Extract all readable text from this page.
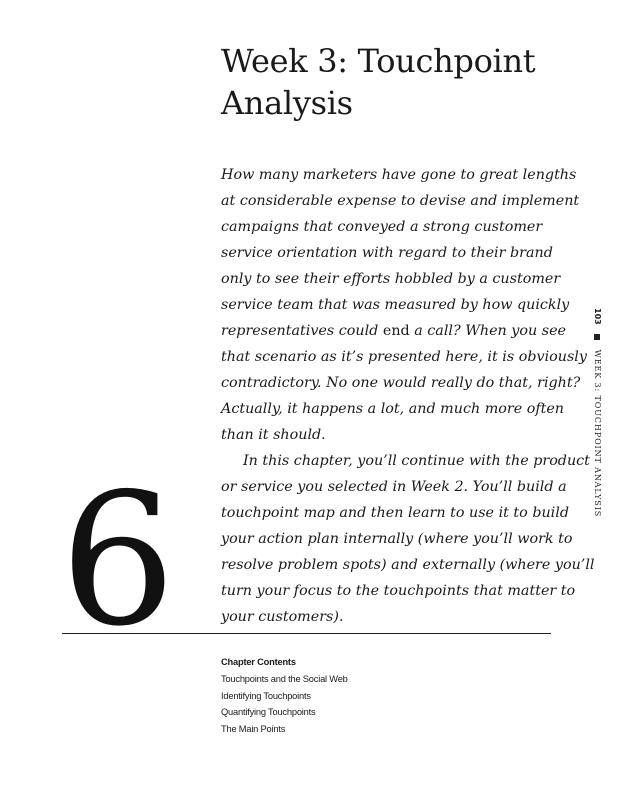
Week 3: Touchpoint
Analysis
How many marketers have gone to great lengths
at considerable expense to devise and implement
campaigns that conveyed a strong customer
service orientation with regard to their brand
only to see their efforts hobbled by a customer
service team that was measured by how quickly
representatives could end a call? When you see
that scenario as it’s presented here, it is obviously
contradictory. No one would really do that, right?
Actually, it happens a lot, and much more often
than it should.
In this chapter, you’ll continue with the product
or service you selected in Week 2. You’ll build a
touchpoint map and then learn to use it to build
your action plan internally (where you’ll work to
resolve problem spots) and externally (where you’ll
turn your focus to the touchpoints that matter to
your customers).
103  WEEK 3: TOUCHPOINT ANALYSIS
6	Chapter Contents
Touchpoints and the Social Web
Identifying Touchpoints
Quantifying Touchpoints
The Main Points
